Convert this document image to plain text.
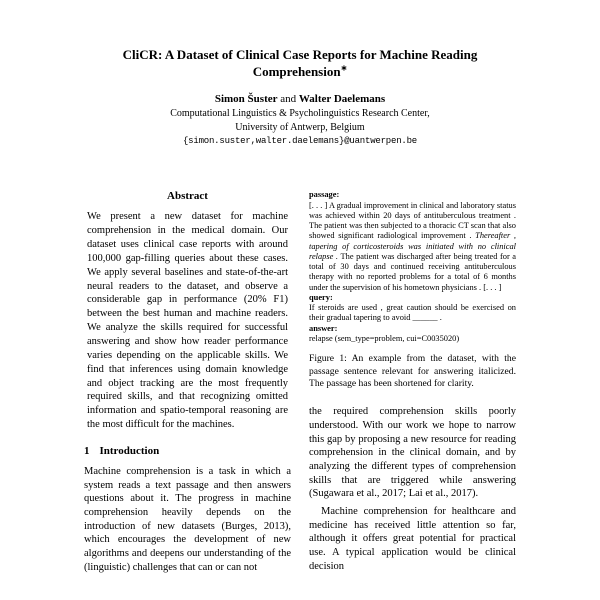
CliCR: A Dataset of Clinical Case Reports for Machine Reading Comprehension∗
Simon Šuster and Walter Daelemans
Computational Linguistics & Psycholinguistics Research Center,
University of Antwerp, Belgium
{simon.suster,walter.daelemans}@uantwerpen.be
Abstract

We present a new dataset for machine comprehension in the medical domain. Our dataset uses clinical case reports with around 100,000 gap-filling queries about these cases. We apply several baselines and state-of-the-art neural readers to the dataset, and observe a considerable gap in performance (20% F1) between the best human and machine readers. We analyze the skills required for successful answering and show how reader performance varies depending on the applicable skills. We find that inferences using domain knowledge and object tracking are the most frequently required skills, and that recognizing omitted information and spatio-temporal reasoning are the most difficult for the machines.

1 Introduction

Machine comprehension is a task in which a system reads a text passage and then answers questions about it. The progress in machine comprehension heavily depends on the introduction of new datasets (Burges, 2013), which encourages the development of new algorithms and deepens our understanding of the (linguistic) challenges that can or can not

passage:
[. . . ] A gradual improvement in clinical and laboratory status was achieved within 20 days of antituberculous treatment . The patient was then subjected to a thoracic CT scan that also showed significant radiological improvement . Thereafter , tapering of corticosteroids was initiated with no clinical relapse . The patient was discharged after being treated for a total of 30 days and continued receiving antituberculous therapy with no reported problems for a total of 6 months under the supervision of his hometown physicians . [. . . ]
query:
If steroids are used , great caution should be exercised on their gradual tapering to avoid ______ .
answer:
relapse (sem_type=problem, cui=C0035020)
Figure 1: An example from the dataset, with the passage sentence relevant for answering italicized. The passage has been shortened for clarity.

the required comprehension skills poorly understood. With our work we hope to narrow this gap by proposing a new resource for reading comprehension in the clinical domain, and by analyzing the different types of comprehension skills that are triggered while answering (Sugawara et al., 2017; Lai et al., 2017).

Machine comprehension for healthcare and medicine has received little attention so far, although it offers great potential for practical use. A typical application would be clinical decision
